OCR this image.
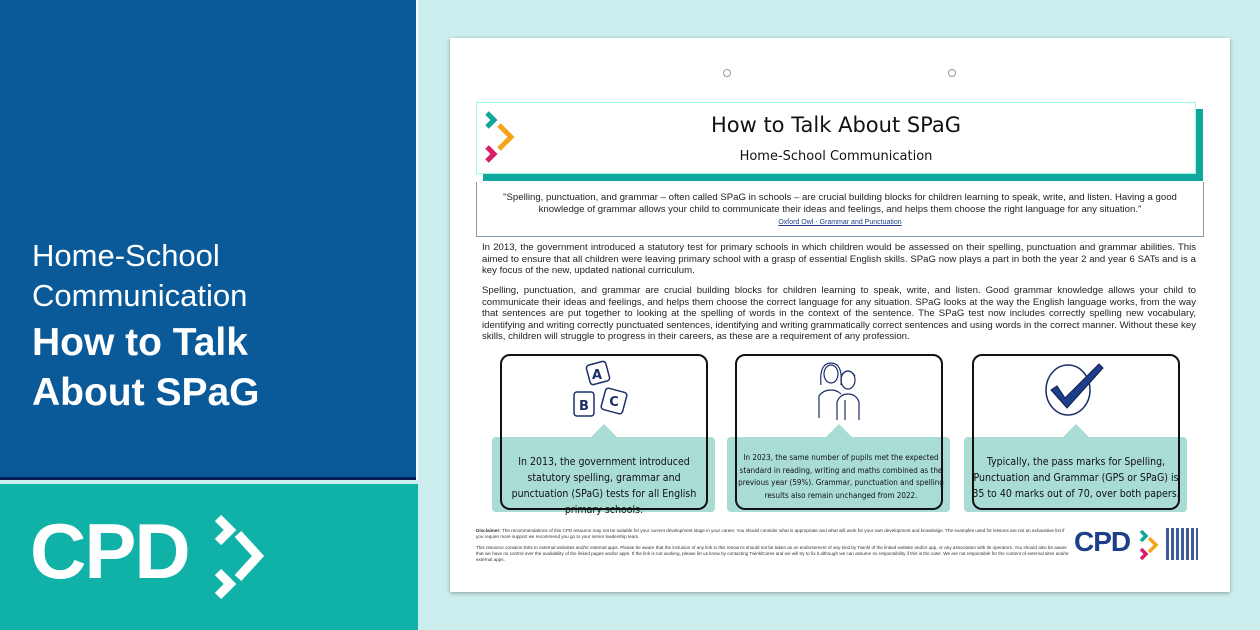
Home-School
Communication
How to Talk
About SPaG
CPD
How to Talk About SPaG
Home-School Communication
"Spelling, punctuation, and grammar – often called SPaG in schools – are crucial building blocks for children learning to speak, write, and listen. Having a good knowledge of grammar allows your child to communicate their ideas and feelings, and helps them choose the right language for any situation."
Oxford Owl - Grammar and Punctuation
In 2013, the government introduced a statutory test for primary schools in which children would be assessed on their spelling, punctuation and grammar abilities. This aimed to ensure that all children were leaving primary school with a grasp of essential English skills. SPaG now plays a part in both the year 2 and year 6 SATs and is a key focus of the new, updated national curriculum.
Spelling, punctuation, and grammar are crucial building blocks for children learning to speak, write, and listen. Good grammar knowledge allows your child to communicate their ideas and feelings, and helps them choose the correct language for any situation. SPaG looks at the way the English language works, from the way that sentences are put together to looking at the spelling of words in the context of the sentence. The SPaG test now includes correctly spelling new vocabulary, identifying and writing correctly punctuated sentences, identifying and writing grammatically correct sentences and using words in the correct manner. Without these key skills, children will struggle to progress in their careers, as these are a requirement of any profession.
A
B C
In 2013, the government introduced statutory spelling, grammar and punctuation (SPaG) tests for all English primary schools.
In 2023, the same number of pupils met the expected standard in reading, writing and maths combined as the previous year (59%). Grammar, punctuation and spelling results also remain unchanged from 2022.
Typically, the pass marks for Spelling, Punctuation and Grammar (GPS or SPaG) is 35 to 40 marks out of 70, over both papers.
Disclaimer: The recommendations of this CPD resource may not be suitable for your current development stage in your career. You should consider what is appropriate and what will work for your own development and knowledge. The examples used for lessons are not an exhaustive list if you require more support we recommend you go to your senior leadership team.
This resource contains links to external websites and/or external apps. Please be aware that the inclusion of any link in this resource should not be taken as an endorsement of any kind by Twinkl of the linked website and/or app, or any association with its operators. You should also be aware that we have no control over the availability of the linked pages and/or apps. If the link is not working, please let us know by contacting TwinklCares and we will try to fix it although we can assume no responsibility if this is the case. We are not responsible for the content of external sites and/or external apps.
CPD
